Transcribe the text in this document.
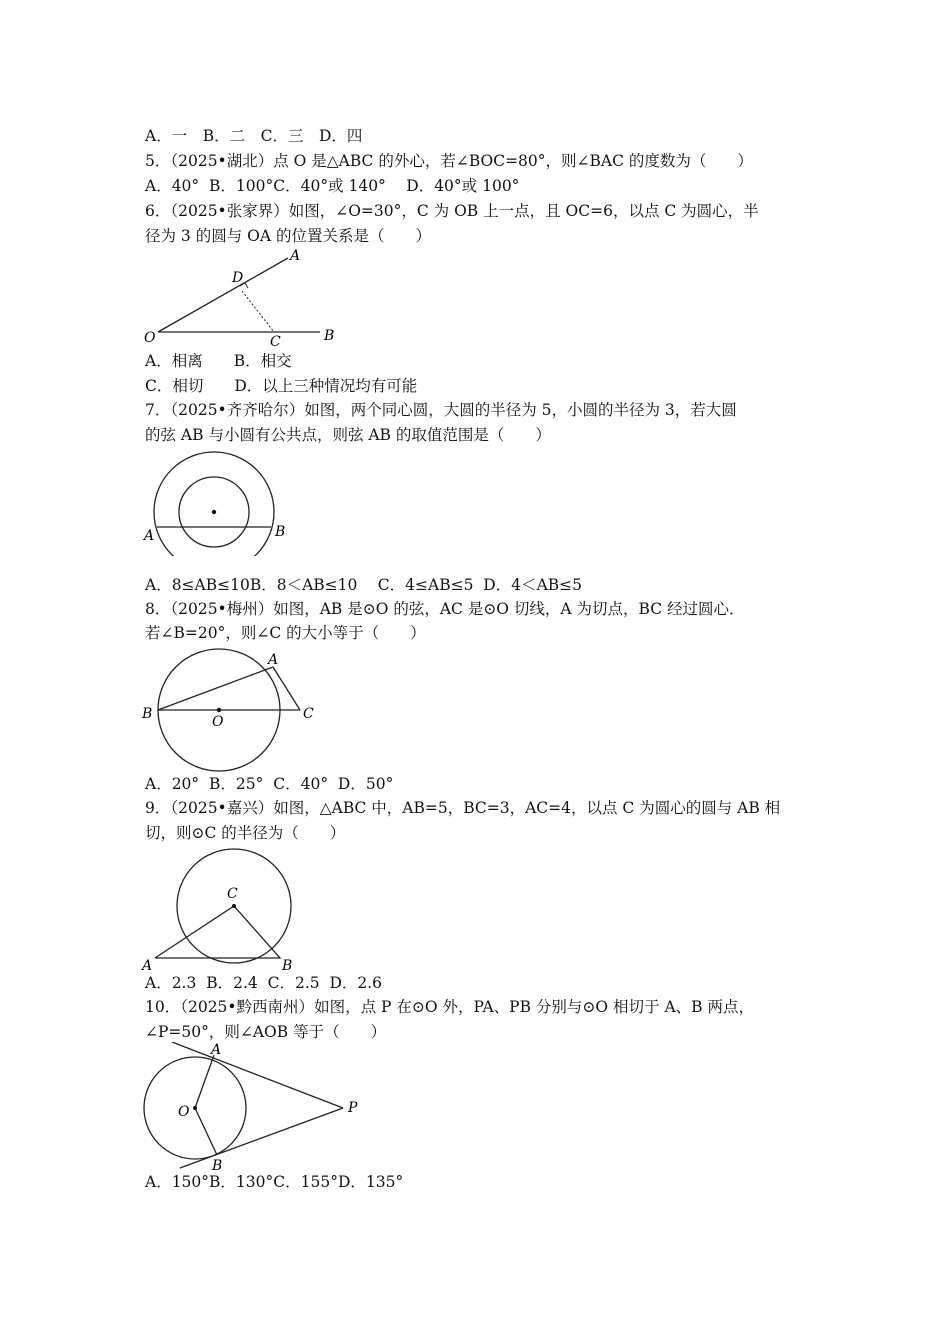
A．一　B．二　C．三　D．四
5．（2025•湖北）点 O 是△ABC 的外心，若∠BOC=80°，则∠BAC 的度数为（　　）
A．40°  B．100°C．40°或 140°　 D．40°或 100°
6．（2025•张家界）如图，∠O=30°，C 为 OB 上一点，且 OC=6，以点 C 为圆心，半
径为 3 的圆与 OA 的位置关系是（　　）
O
A
D
C	B
A．相离　　B．相交
C．相切　　D．以上三种情况均有可能
7．（2025•齐齐哈尔）如图，两个同心圆，大圆的半径为 5，小圆的半径为 3，若大圆
的弦 AB 与小圆有公共点，则弦 AB 的取值范围是（　　）
A	B
A．8≤AB≤10B．8＜AB≤10　 C．4≤AB≤5  D．4＜AB≤5
8．（2025•梅州）如图，AB 是⊙O 的弦，AC 是⊙O 切线，A 为切点，BC 经过圆心．
若∠B=20°，则∠C 的大小等于（　　）
B	O
A
C
A．20°  B．25°  C．40°  D．50°
9．（2025•嘉兴）如图，△ABC 中，AB=5，BC=3，AC=4，以点 C 为圆心的圆与 AB 相
切，则⊙C 的半径为（　　）
C
A	B
A．2.3  B．2.4  C．2.5  D．2.6
10．（2025•黔西南州）如图，点 P 在⊙O 外，PA、PB 分别与⊙O 相切于 A、B 两点，
∠P=50°，则∠AOB 等于（　　）
A
O
B
P
A．150°B．130°C．155°D．135°
